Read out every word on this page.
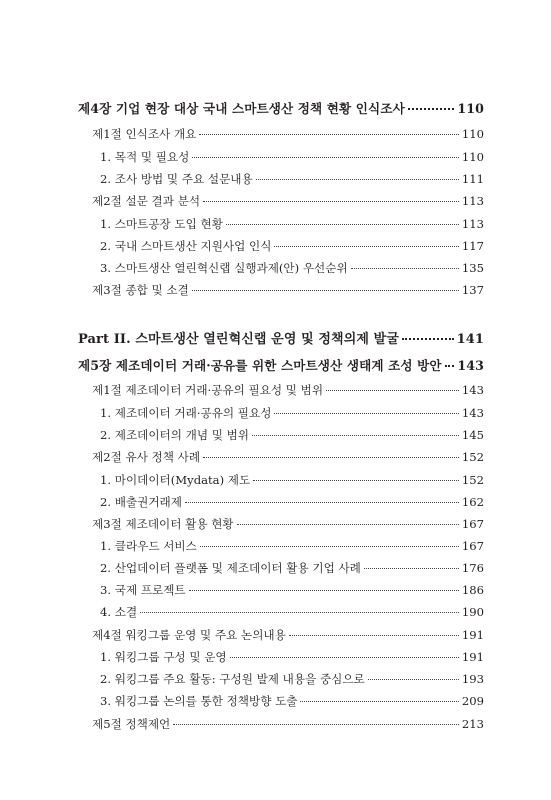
제4장 기업 현장 대상 국내 스마트생산 정책 현황 인식조사	110
제1절 인식조사 개요	110
1. 목적 및 필요성	110
2. 조사 방법 및 주요 설문내용	111
제2절 설문 결과 분석	113
1. 스마트공장 도입 현황	113
2. 국내 스마트생산 지원사업 인식	117
3. 스마트생산 열린혁신랩 실행과제(안) 우선순위	135
제3절 종합 및 소결	137
Part II. 스마트생산 열린혁신랩 운영 및 정책의제 발굴	141
제5장 제조데이터 거래·공유를 위한 스마트생산 생태계 조성 방안 143
제1절 제조데이터 거래·공유의 필요성 및 범위	143
1. 제조데이터 거래·공유의 필요성	143
2. 제조데이터의 개념 및 범위	145
제2절 유사 정책 사례	152
1. 마이데이터(Mydata) 제도	152
2. 배출권거래제	162
제3절 제조데이터 활용 현황	167
1. 클라우드 서비스	167
2. 산업데이터 플랫폼 및 제조데이터 활용 기업 사례	176
3. 국제 프로젝트	186
4. 소결	190
제4절 워킹그룹 운영 및 주요 논의내용	191
1. 워킹그룹 구성 및 운영	191
2. 워킹그룹 주요 활동: 구성원 발제 내용을 중심으로	193
3. 워킹그룹 논의를 통한 정책방향 도출	209
제5절 정책제언	213
